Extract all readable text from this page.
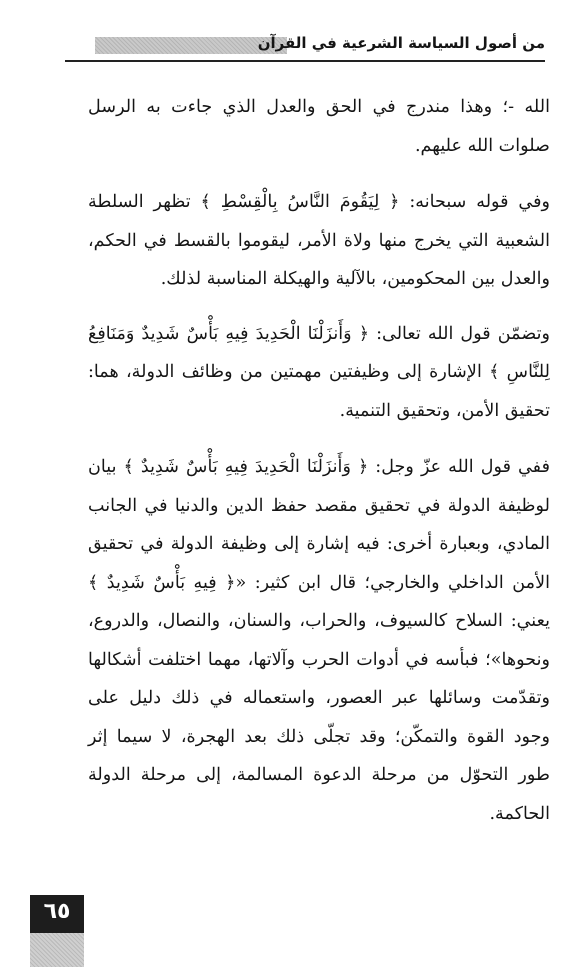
من أصول السياسة الشرعية في القرآن

الله -؛ وهذا مندرج في الحق والعدل الذي جاءت به الرسل صلوات الله عليهم.

وفي قوله سبحانه: ﴿ لِيَقُومَ النَّاسُ بِالْقِسْطِ ﴾ تظهر السلطة الشعبية التي يخرج منها ولاة الأمر، ليقوموا بالقسط في الحكم، والعدل بين المحكومين، بالآلية والهيكلة المناسبة لذلك.

وتضمّن قول الله تعالى: ﴿ وَأَنزَلْنَا الْحَدِيدَ فِيهِ بَأْسٌ شَدِيدٌ وَمَنَافِعُ لِلنَّاسِ ﴾ الإشارة إلى وظيفتين مهمتين من وظائف الدولة، هما: تحقيق الأمن، وتحقيق التنمية.

ففي قول الله عزّ وجل: ﴿ وَأَنزَلْنَا الْحَدِيدَ فِيهِ بَأْسٌ شَدِيدٌ ﴾ بيان لوظيفة الدولة في تحقيق مقصد حفظ الدين والدنيا في الجانب المادي، وبعبارة أخرى: فيه إشارة إلى وظيفة الدولة في تحقيق الأمن الداخلي والخارجي؛ قال ابن كثير: «﴿ فِيهِ بَأْسٌ شَدِيدٌ ﴾ يعني: السلاح كالسيوف، والحراب، والسنان، والنصال، والدروع، ونحوها»؛ فبأسه في أدوات الحرب وآلاتها، مهما اختلفت أشكالها وتقدّمت وسائلها عبر العصور، واستعماله في ذلك دليل على وجود القوة والتمكّن؛ وقد تجلّى ذلك بعد الهجرة، لا سيما إثر طور التحوّل من مرحلة الدعوة المسالمة، إلى مرحلة الدولة الحاكمة.

٦٥
